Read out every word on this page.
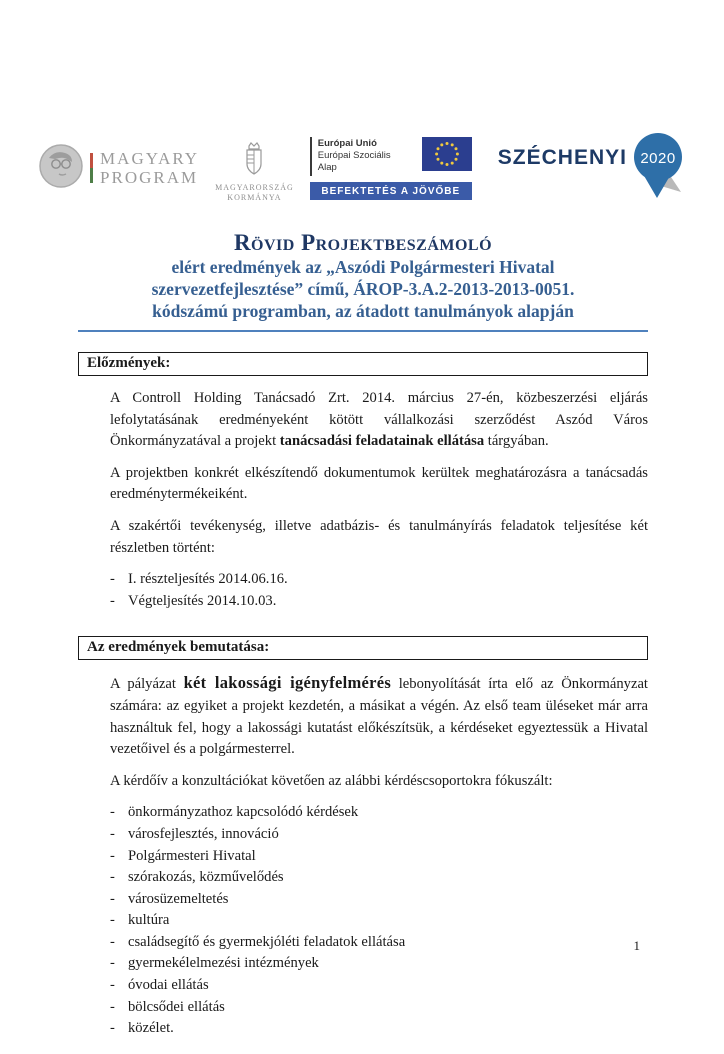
MAGYARY
PROGRAM MAGYARORSZÁG
KORMÁNYA
Európai Unió
Európai Szociális
Alap
BEFEKTETÉS A JÖVŐBE
SZÉCHENYI 2020
Rövid Projektbeszámoló
elért eredmények az „Aszódi Polgármesteri Hivatal
szervezetfejlesztése” című, ÁROP-3.A.2-2013-2013-0051.
kódszámú programban, az átadott tanulmányok alapján
Előzmények:

A Controll Holding Tanácsadó Zrt. 2014. március 27-én, közbeszerzési eljárás lefolytatásának eredményeként kötött vállalkozási szerződést Aszód Város Önkormányzatával a projekt tanácsadási feladatainak ellátása tárgyában.

A projektben konkrét elkészítendő dokumentumok kerültek meghatározásra a tanácsadás eredménytermékeiként.

A szakértői tevékenység, illetve adatbázis- és tanulmányírás feladatok teljesítése két részletben történt:

- I. részteljesítés 2014.06.16.
- Végteljesítés 2014.10.03.
Az eredmények bemutatása:

A pályázat két lakossági igényfelmérés lebonyolítását írta elő az Önkormányzat számára: az egyiket a projekt kezdetén, a másikat a végén. Az első team üléseket már arra használtuk fel, hogy a lakossági kutatást előkészítsük, a kérdéseket egyeztessük a Hivatal vezetőivel és a polgármesterrel.

A kérdőív a konzultációkat követően az alábbi kérdéscsoportokra fókuszált:

- önkormányzathoz kapcsolódó kérdések
- városfejlesztés, innováció
- Polgármesteri Hivatal
- szórakozás, közművelődés
- városüzemeltetés
- kultúra
- családsegítő és gyermekjóléti feladatok ellátása
- gyermekélelmezési intézmények
- óvodai ellátás
- bölcsődei ellátás
- közélet.
1
